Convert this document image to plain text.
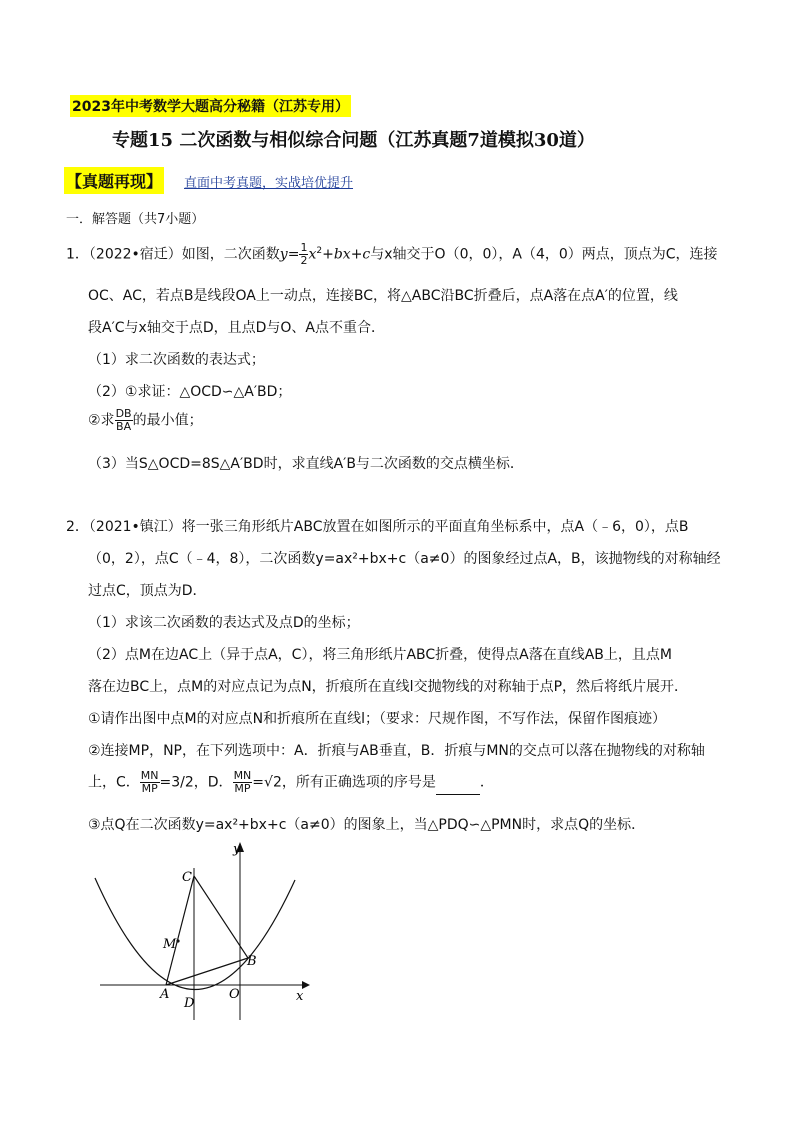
2023年中考数学大题高分秘籍（江苏专用）
专题15 二次函数与相似综合问题（江苏真题7道模拟30道）
【真题再现】 直面中考真题，实战培优提升
一．解答题（共7小题）
1．（2022•宿迁）如图，二次函数$y= \frac{1}{2} x^2+bx+c$与x轴交于O（0，0），A（4，0）两点，顶点为C，连接
OC、AC，若点B是线段OA上一动点，连接BC，将△ABC沿BC折叠后，点A落在点A′的位置，线
段A′C与x轴交于点D，且点D与O、A点不重合．
（1）求二次函数的表达式；
（2）①求证：△OCD∽△A′BD；
②求 $\frac{DB}{BA}$ 的最小值；
（3）当S△OCD=8S△A′BD时，求直线A′B与二次函数的交点横坐标．
2．（2021•镇江）将一张三角形纸片ABC放置在如图所示的平面直角坐标系中，点A（﹣6，0），点B
（0，2），点C（﹣4，8），二次函数y=ax²+bx+c（a≠0）的图象经过点A，B，该抛物线的对称轴经
过点C，顶点为D．
（1）求该二次函数的表达式及点D的坐标；
（2）点M在边AC上（异于点A，C），将三角形纸片ABC折叠，使得点A落在直线AB上，且点M
落在边BC上，点M的对应点记为点N，折痕所在直线l交抛物线的对称轴于点P，然后将纸片展开．
①请作出图中点M的对应点N和折痕所在直线l；（要求：尺规作图，不写作法，保留作图痕迹）
②连接MP，NP，在下列选项中：A．折痕与AB垂直，B．折痕与MN的交点可以落在抛物线的对称轴
上，C． $\frac{MN}{MP} =3/2$，D． $\frac{MN}{MP} =√2$，所有正确选项的序号是	．
③点Q在二次函数y=ax²+bx+c（a≠0）的图象上，当△PDQ∽△PMN时，求点Q的坐标．
y
x
C
M
B
A	O
D
